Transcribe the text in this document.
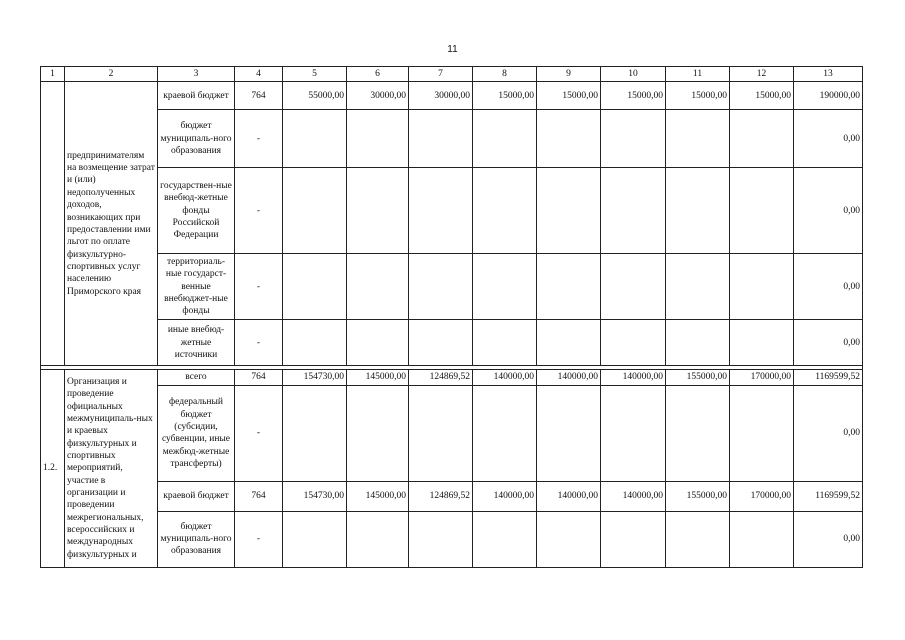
11
1	2	3	4	5	6	7	8	9	10	11	12	13
	предпринимателям на возмещение затрат и (или) недополученных доходов, возникающих при предоставлении ими льгот по оплате физкультурно-спортивных услуг населению Приморского края	краевой бюджет	764	55000,00	30000,00	30000,00	15000,00	15000,00	15000,00	15000,00	15000,00	190000,00
		бюджет муниципаль-ного образования	-									0,00
		государствен-ные внебюд-жетные фонды Российской Федерации	-									0,00
		территориаль-ные государст-венные внебюджет-ные фонды	-									0,00
		иные внебюд-жетные источники	-									0,00

1.2.	Организация и проведение официальных межмуниципаль-ных и краевых физкультурных и спортивных мероприятий, участие в организации и проведении межрегиональных, всероссийских и международных физкультурных и	всего	764	154730,00	145000,00	124869,52	140000,00	140000,00	140000,00	155000,00	170000,00	1169599,52
		федеральный бюджет (субсидии, субвенции, иные межбюд-жетные трансферты)	-									0,00
		краевой бюджет	764	154730,00	145000,00	124869,52	140000,00	140000,00	140000,00	155000,00	170000,00	1169599,52
		бюджет муниципаль-ного образования	-									0,00
